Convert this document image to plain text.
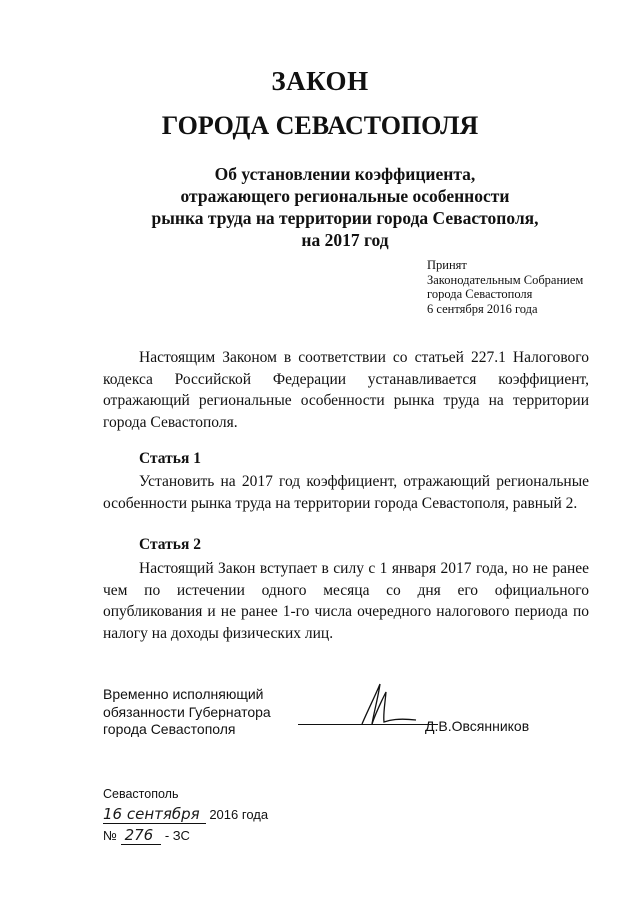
ЗАКОН
ГОРОДА СЕВАСТОПОЛЯ
Об установлении коэффициента,
отражающего региональные особенности
рынка труда на территории города Севастополя,
на 2017 год
Принят
Законодательным Собранием
города Севастополя
6 сентября 2016 года
Настоящим Законом в соответствии со статьей 227.1 Налогового кодекса Российской Федерации устанавливается коэффициент, отражающий региональные особенности рынка труда на территории города Севастополя.
Статья 1
Установить на 2017 год коэффициент, отражающий региональные особенности рынка труда на территории города Севастополя, равный 2.
Статья 2
Настоящий Закон вступает в силу с 1 января 2017 года, но не ранее чем по истечении одного месяца со дня его официального опубликования и не ранее 1-го числа очередного налогового периода по налогу на доходы физических лиц.
Временно исполняющий
обязанности Губернатора
города Севастополя	Д.В.Овсянников
Севастополь
16 сентября 2016 года
№ 276 - ЗС
